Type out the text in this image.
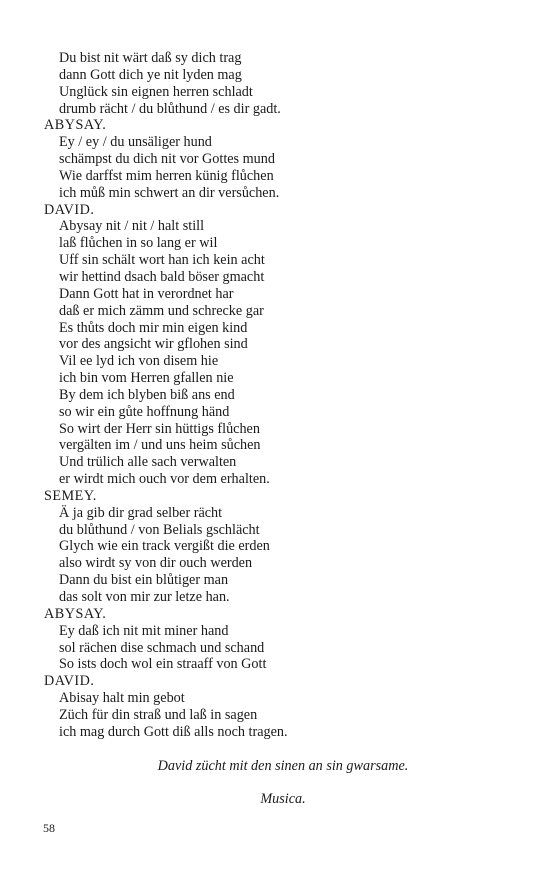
Du bist nit wärt daß sy dich trag
dann Gott dich ye nit lyden mag
Unglück sin eignen herren schladt
drumb rächt / du blůthund / es dir gadt.
ABYSAY.
Ey / ey / du unsäliger hund
schämpst du dich nit vor Gottes mund
Wie darffst mim herren künig flůchen
ich můß min schwert an dir versůchen.
DAVID.
Abysay nit / nit / halt still
laß flůchen in so lang er wil
Uff sin schält wort han ich kein acht
wir hettind dsach bald böser gmacht
Dann Gott hat in verordnet har
daß er mich zämm und schrecke gar
Es thůts doch mir min eigen kind
vor des angsicht wir gflohen sind
Vil ee lyd ich von disem hie
ich bin vom Herren gfallen nie
By dem ich blyben biß ans end
so wir ein gůte hoffnung händ
So wirt der Herr sin hüttigs flůchen
vergälten im / und uns heim sůchen
Und trülich alle sach verwalten
er wirdt mich ouch vor dem erhalten.
SEMEY.
Ä ja gib dir grad selber rächt
du blůthund / von Belials gschlächt
Glych wie ein track vergißt die erden
also wirdt sy von dir ouch werden
Dann du bist ein blůtiger man
das solt von mir zur letze han.
ABYSAY.
Ey daß ich nit mit miner hand
sol rächen dise schmach und schand
So ists doch wol ein straaff von Gott
DAVID.
Abisay halt min gebot
Züch für din straß und laß in sagen
ich mag durch Gott diß alls noch tragen.
David zücht mit den sinen an sin gwarsame.
Musica.
58
